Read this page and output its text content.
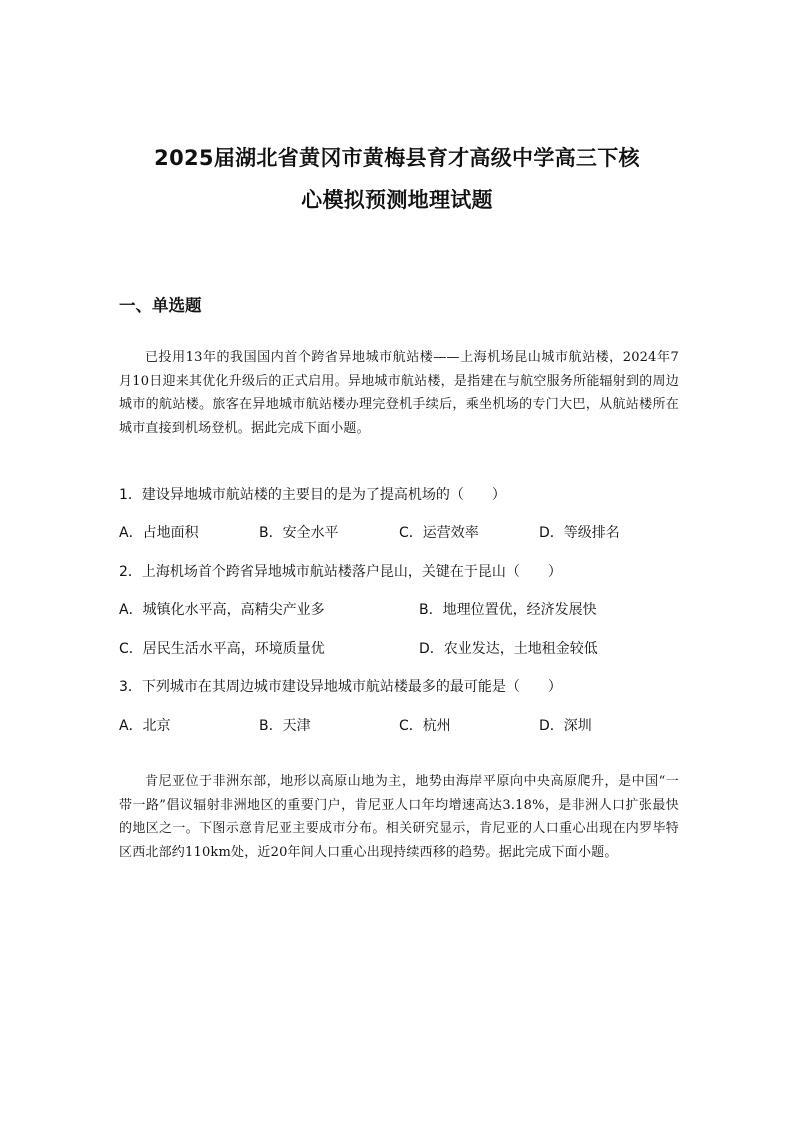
2025届湖北省黄冈市黄梅县育才高级中学高三下核
心模拟预测地理试题
一、单选题
已投用13年的我国国内首个跨省异地城市航站楼——上海机场昆山城市航站楼，2024年7月10日迎来其优化升级后的正式启用。异地城市航站楼，是指建在与航空服务所能辐射到的周边城市的航站楼。旅客在异地城市航站楼办理完登机手续后，乘坐机场的专门大巴，从航站楼所在城市直接到机场登机。据此完成下面小题。
1．建设异地城市航站楼的主要目的是为了提高机场的（　　）
A．占地面积	B．安全水平	C．运营效率	D．等级排名
2．上海机场首个跨省异地城市航站楼落户昆山，关键在于昆山（　　）
A．城镇化水平高，高精尖产业多	B．地理位置优，经济发展快
C．居民生活水平高，环境质量优	D．农业发达，土地租金较低
3．下列城市在其周边城市建设异地城市航站楼最多的最可能是（　　）
A．北京	B．天津	C．杭州	D．深圳
肯尼亚位于非洲东部，地形以高原山地为主，地势由海岸平原向中央高原爬升，是中国“一带一路”倡议辐射非洲地区的重要门户，肯尼亚人口年均增速高达3.18%，是非洲人口扩张最快的地区之一。下图示意肯尼亚主要成市分布。相关研究显示，肯尼亚的人口重心出现在内罗毕特区西北部约110km处，近20年间人口重心出现持续西移的趋势。据此完成下面小题。
